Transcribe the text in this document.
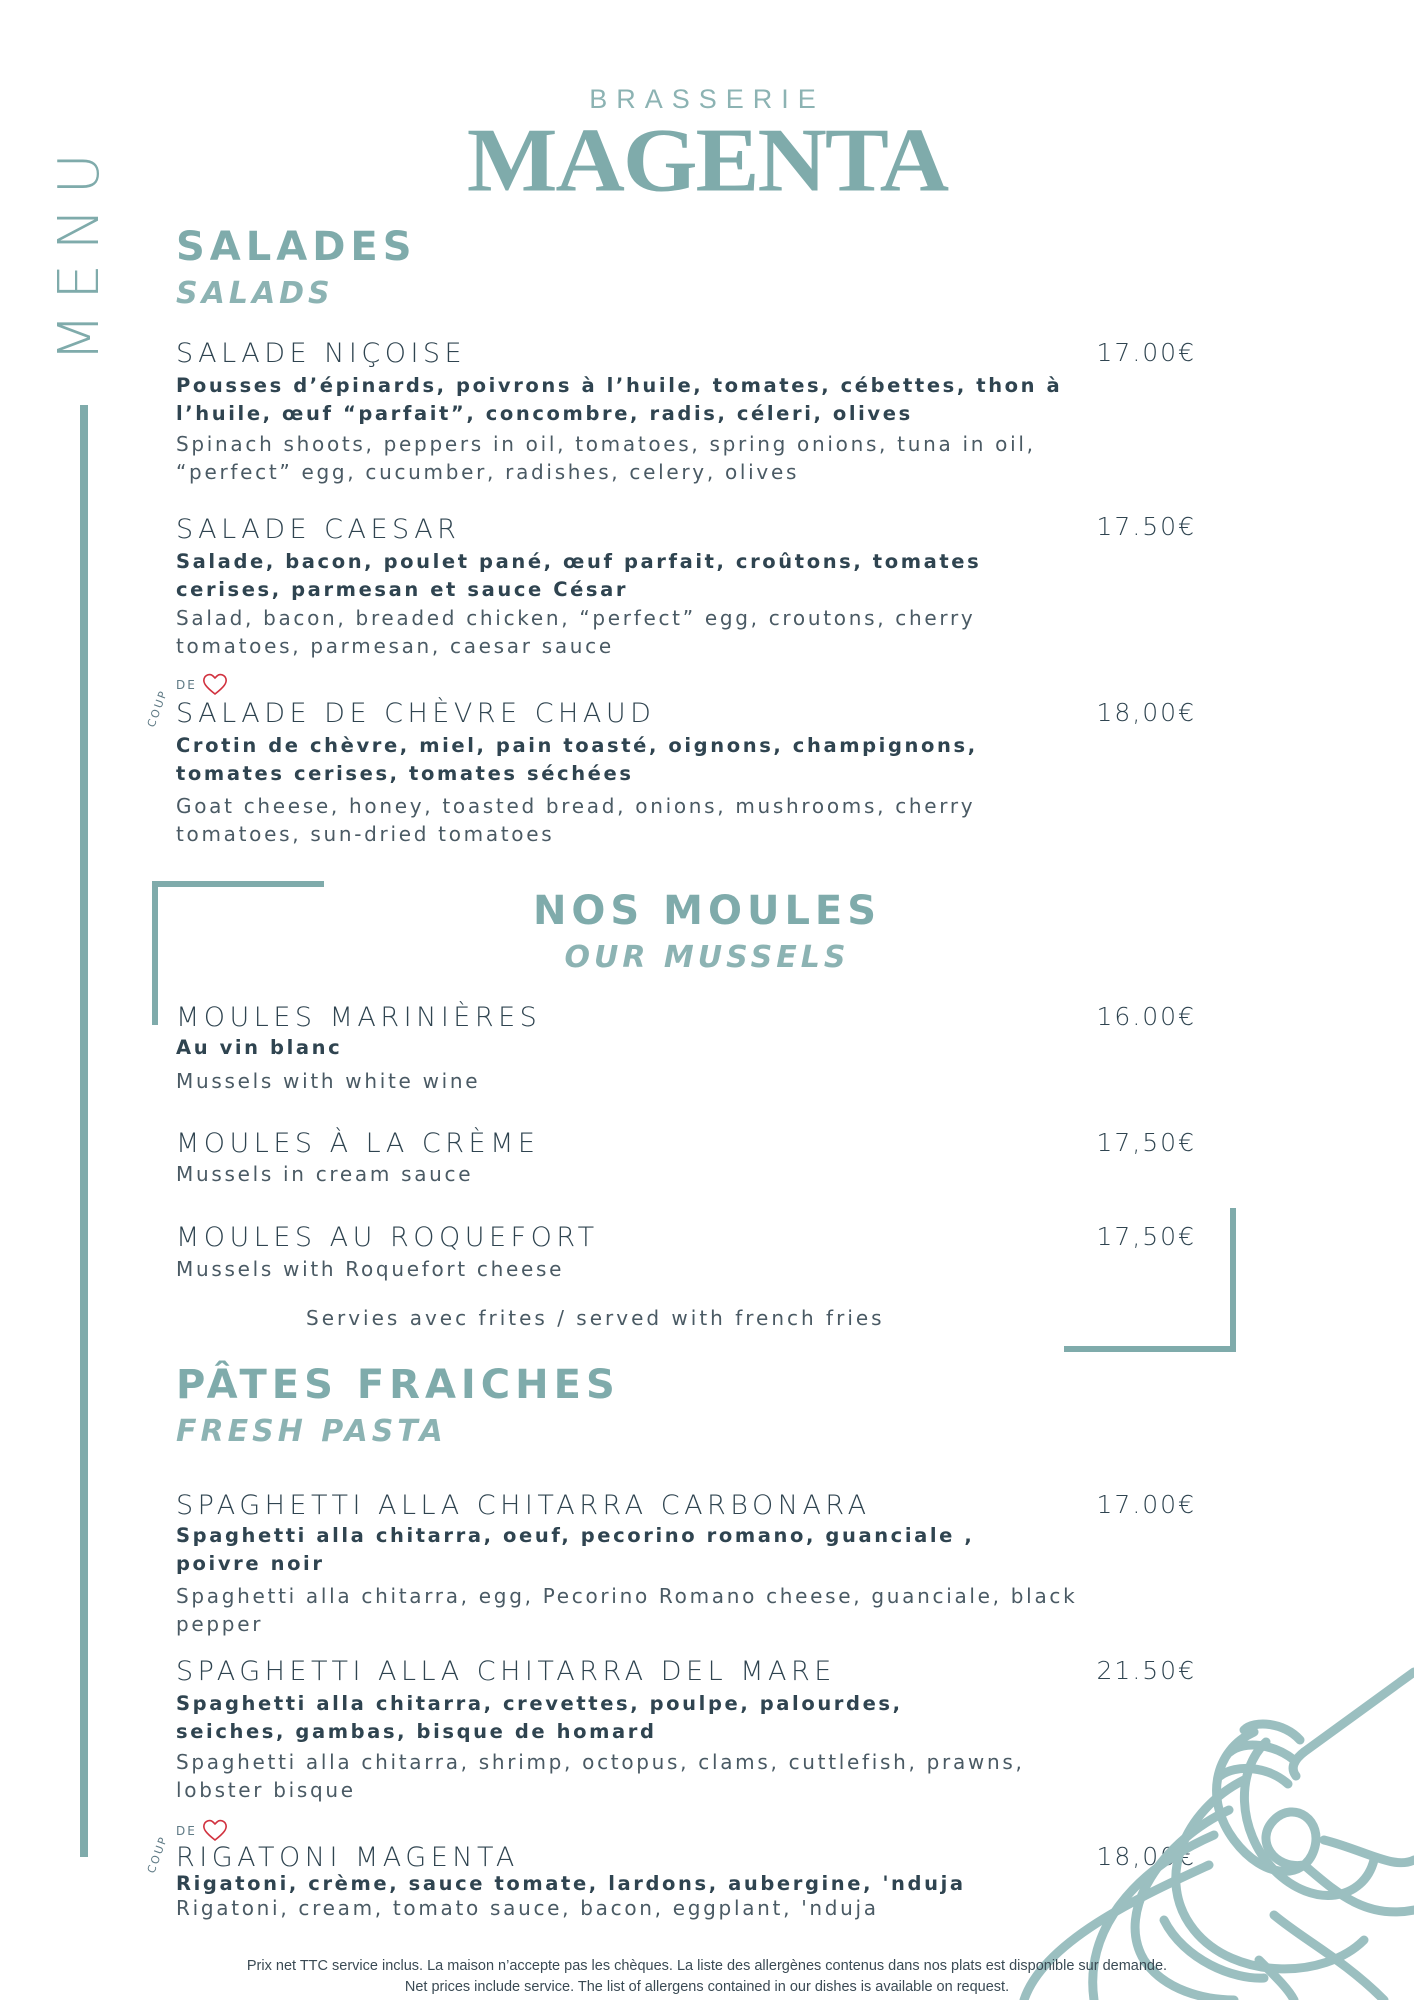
BRASSERIE
MAGENTA
MENU SALADES
SALADS
SALADE NIÇOISE	17.00€
Pousses d’épinards, poivrons à l’huile, tomates, cébettes, thon à l’huile, œuf “parfait”, concombre, radis, céleri, olives
Spinach shoots, peppers in oil, tomatoes, spring onions, tuna in oil, “perfect” egg, cucumber, radishes, celery, olives
SALADE CAESAR	17.50€
Salade, bacon, poulet pané, œuf parfait, croûtons, tomates cerises, parmesan et sauce César
Salad, bacon, breaded chicken, “perfect” egg, croutons, cherry tomatoes, parmesan, caesar sauce
DE
COUP SALADE DE CHÈVRE CHAUD	18,00€
Crotin de chèvre, miel, pain toasté, oignons, champignons, tomates cerises, tomates séchées
Goat cheese, honey, toasted bread, onions, mushrooms, cherry tomatoes, sun-dried tomatoes
NOS MOULES
OUR MUSSELS
MOULES MARINIÈRES	16.00€
Au vin blanc
Mussels with white wine
MOULES À LA CRÈME	17,50€
Mussels in cream sauce
MOULES AU ROQUEFORT	17,50€
Mussels with Roquefort cheese
Servies avec frites / served with french fries
PÂTES FRAICHES
FRESH PASTA
SPAGHETTI ALLA CHITARRA CARBONARA	17.00€
Spaghetti alla chitarra, oeuf, pecorino romano, guanciale , poivre noir
Spaghetti alla chitarra, egg, Pecorino Romano cheese, guanciale, black pepper
SPAGHETTI ALLA CHITARRA DEL MARE	21.50€
Spaghetti alla chitarra, crevettes, poulpe, palourdes, seiches, gambas, bisque de homard
Spaghetti alla chitarra, shrimp, octopus, clams, cuttlefish, prawns, lobster bisque
DE
COUP RIGATONI MAGENTA	18,00€
Rigatoni, crème, sauce tomate, lardons, aubergine, 'nduja
Rigatoni, cream, tomato sauce, bacon, eggplant, 'nduja
Prix net TTC service inclus. La maison n’accepte pas les chèques. La liste des allergènes contenus dans nos plats est disponible sur demande.
Net prices include service. The list of allergens contained in our dishes is available on request.
